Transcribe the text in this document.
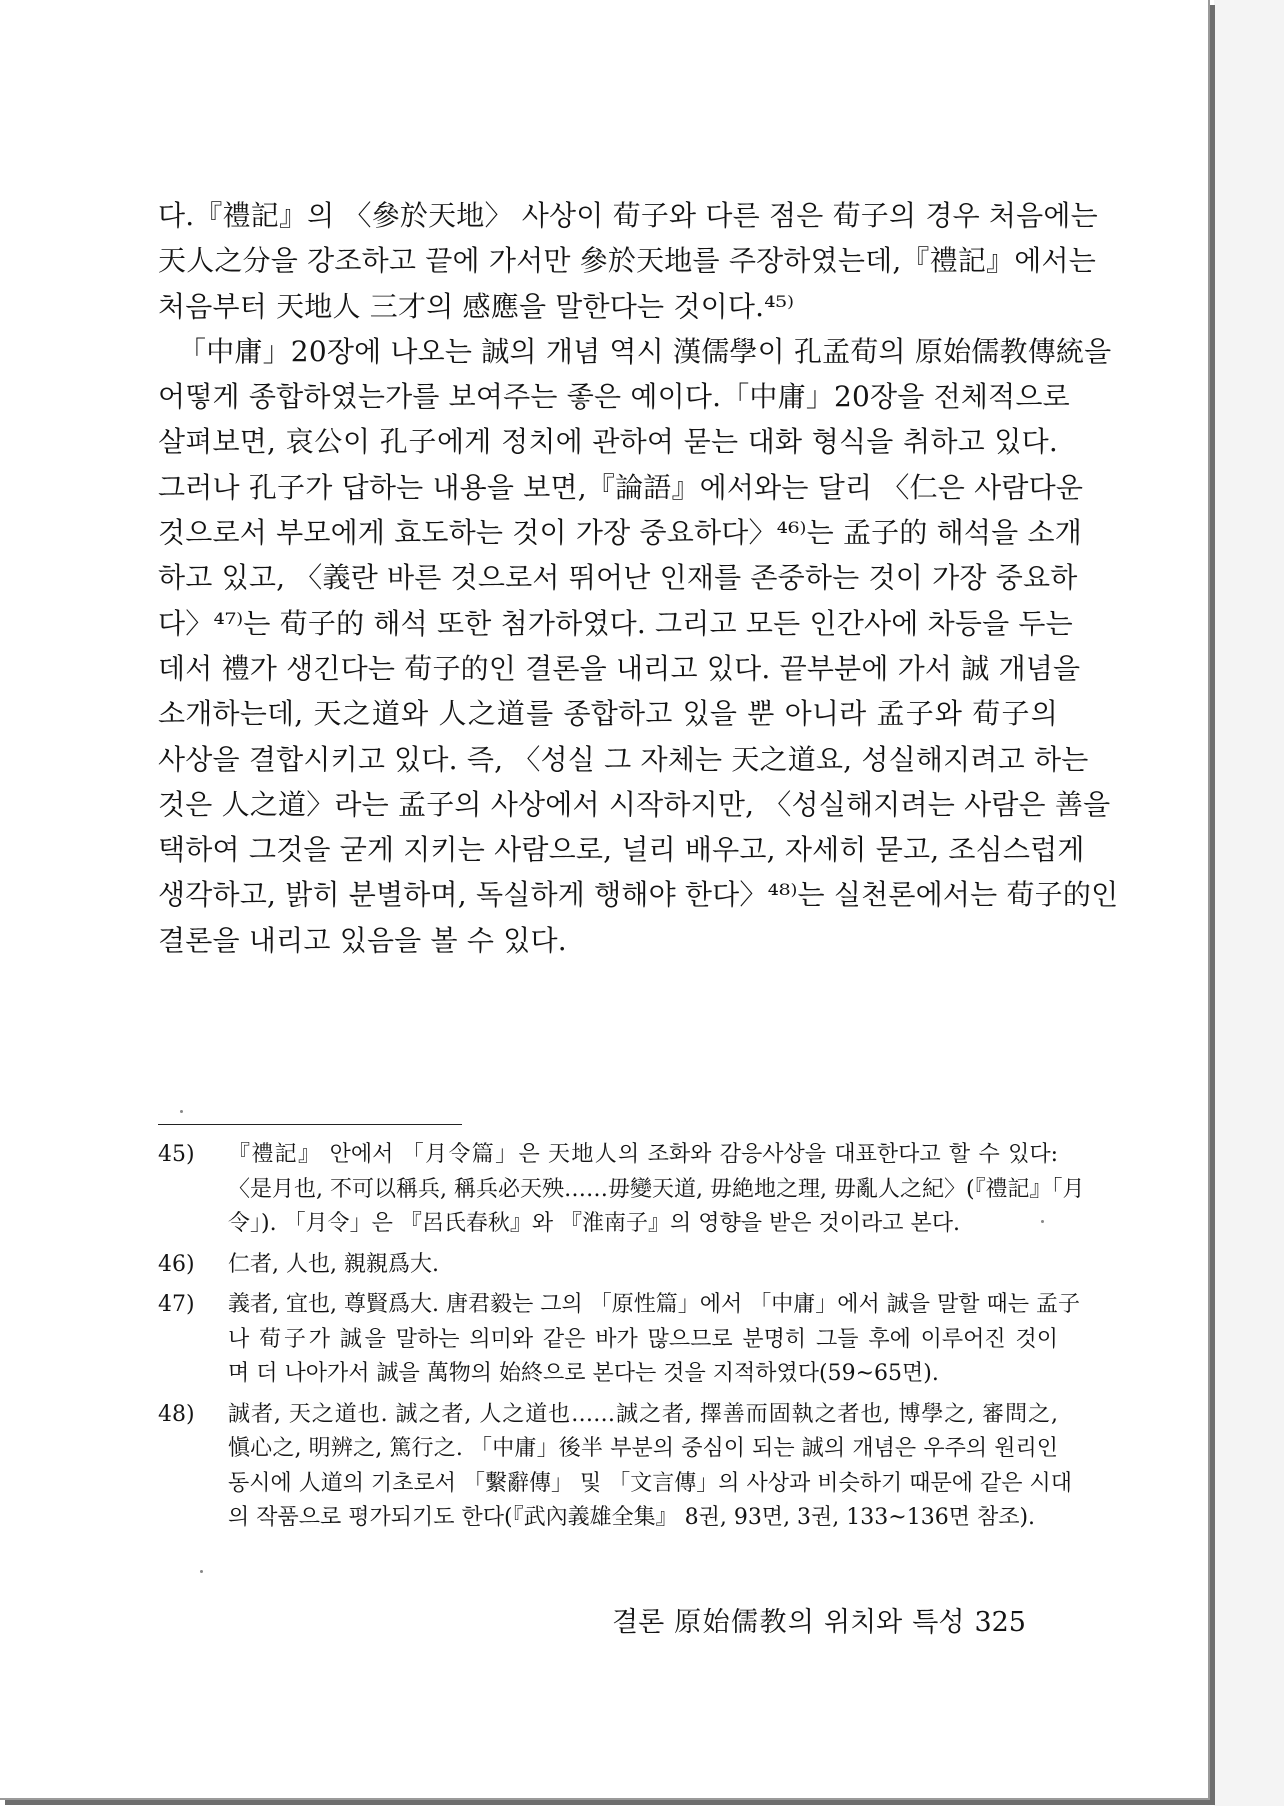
다.『禮記』의 〈參於天地〉 사상이 荀子와 다른 점은 荀子의 경우 처음에는
天人之分을 강조하고 끝에 가서만 參於天地를 주장하였는데,『禮記』에서는
처음부터 天地人 三才의 感應을 말한다는 것이다.⁴⁵⁾
「中庸」20장에 나오는 誠의 개념 역시 漢儒學이 孔孟荀의 原始儒教傳統을
어떻게 종합하였는가를 보여주는 좋은 예이다.「中庸」20장을 전체적으로
살펴보면, 哀公이 孔子에게 정치에 관하여 묻는 대화 형식을 취하고 있다.
그러나 孔子가 답하는 내용을 보면,『論語』에서와는 달리 〈仁은 사람다운
것으로서 부모에게 효도하는 것이 가장 중요하다〉⁴⁶⁾는 孟子的 해석을 소개
하고 있고, 〈義란 바른 것으로서 뛰어난 인재를 존중하는 것이 가장 중요하
다〉⁴⁷⁾는 荀子的 해석 또한 첨가하였다. 그리고 모든 인간사에 차등을 두는
데서 禮가 생긴다는 荀子的인 결론을 내리고 있다. 끝부분에 가서 誠 개념을
소개하는데, 天之道와 人之道를 종합하고 있을 뿐 아니라 孟子와 荀子의
사상을 결합시키고 있다. 즉, 〈성실 그 자체는 天之道요, 성실해지려고 하는
것은 人之道〉라는 孟子의 사상에서 시작하지만, 〈성실해지려는 사람은 善을
택하여 그것을 굳게 지키는 사람으로, 널리 배우고, 자세히 묻고, 조심스럽게
생각하고, 밝히 분별하며, 독실하게 행해야 한다〉⁴⁸⁾는 실천론에서는 荀子的인
결론을 내리고 있음을 볼 수 있다.
45)	『禮記』 안에서 「月令篇」은 天地人의 조화와 감응사상을 대표한다고 할 수 있다:
〈是月也, 不可以稱兵, 稱兵必天殃……毋變天道, 毋絶地之理, 毋亂人之紀〉(『禮記』「月
令」). 「月令」은 『呂氏春秋』와 『淮南子』의 영향을 받은 것이라고 본다.
46)	仁者, 人也, 親親爲大.
47)	義者, 宜也, 尊賢爲大. 唐君毅는 그의 「原性篇」에서 「中庸」에서 誠을 말할 때는 孟子
나 荀子가 誠을 말하는 의미와 같은 바가 많으므로 분명히 그들 후에 이루어진 것이
며 더 나아가서 誠을 萬物의 始終으로 본다는 것을 지적하였다(59~65면).
48)	誠者, 天之道也. 誠之者, 人之道也……誠之者, 擇善而固執之者也, 博學之, 審問之,
愼心之, 明辨之, 篤行之. 「中庸」後半 부분의 중심이 되는 誠의 개념은 우주의 원리인
동시에 人道의 기초로서 「繫辭傳」 및 「文言傳」의 사상과 비슷하기 때문에 같은 시대
의 작품으로 평가되기도 한다(『武內義雄全集』 8권, 93면, 3권, 133~136면 참조).
결론 原始儒教의 위치와 특성 325
